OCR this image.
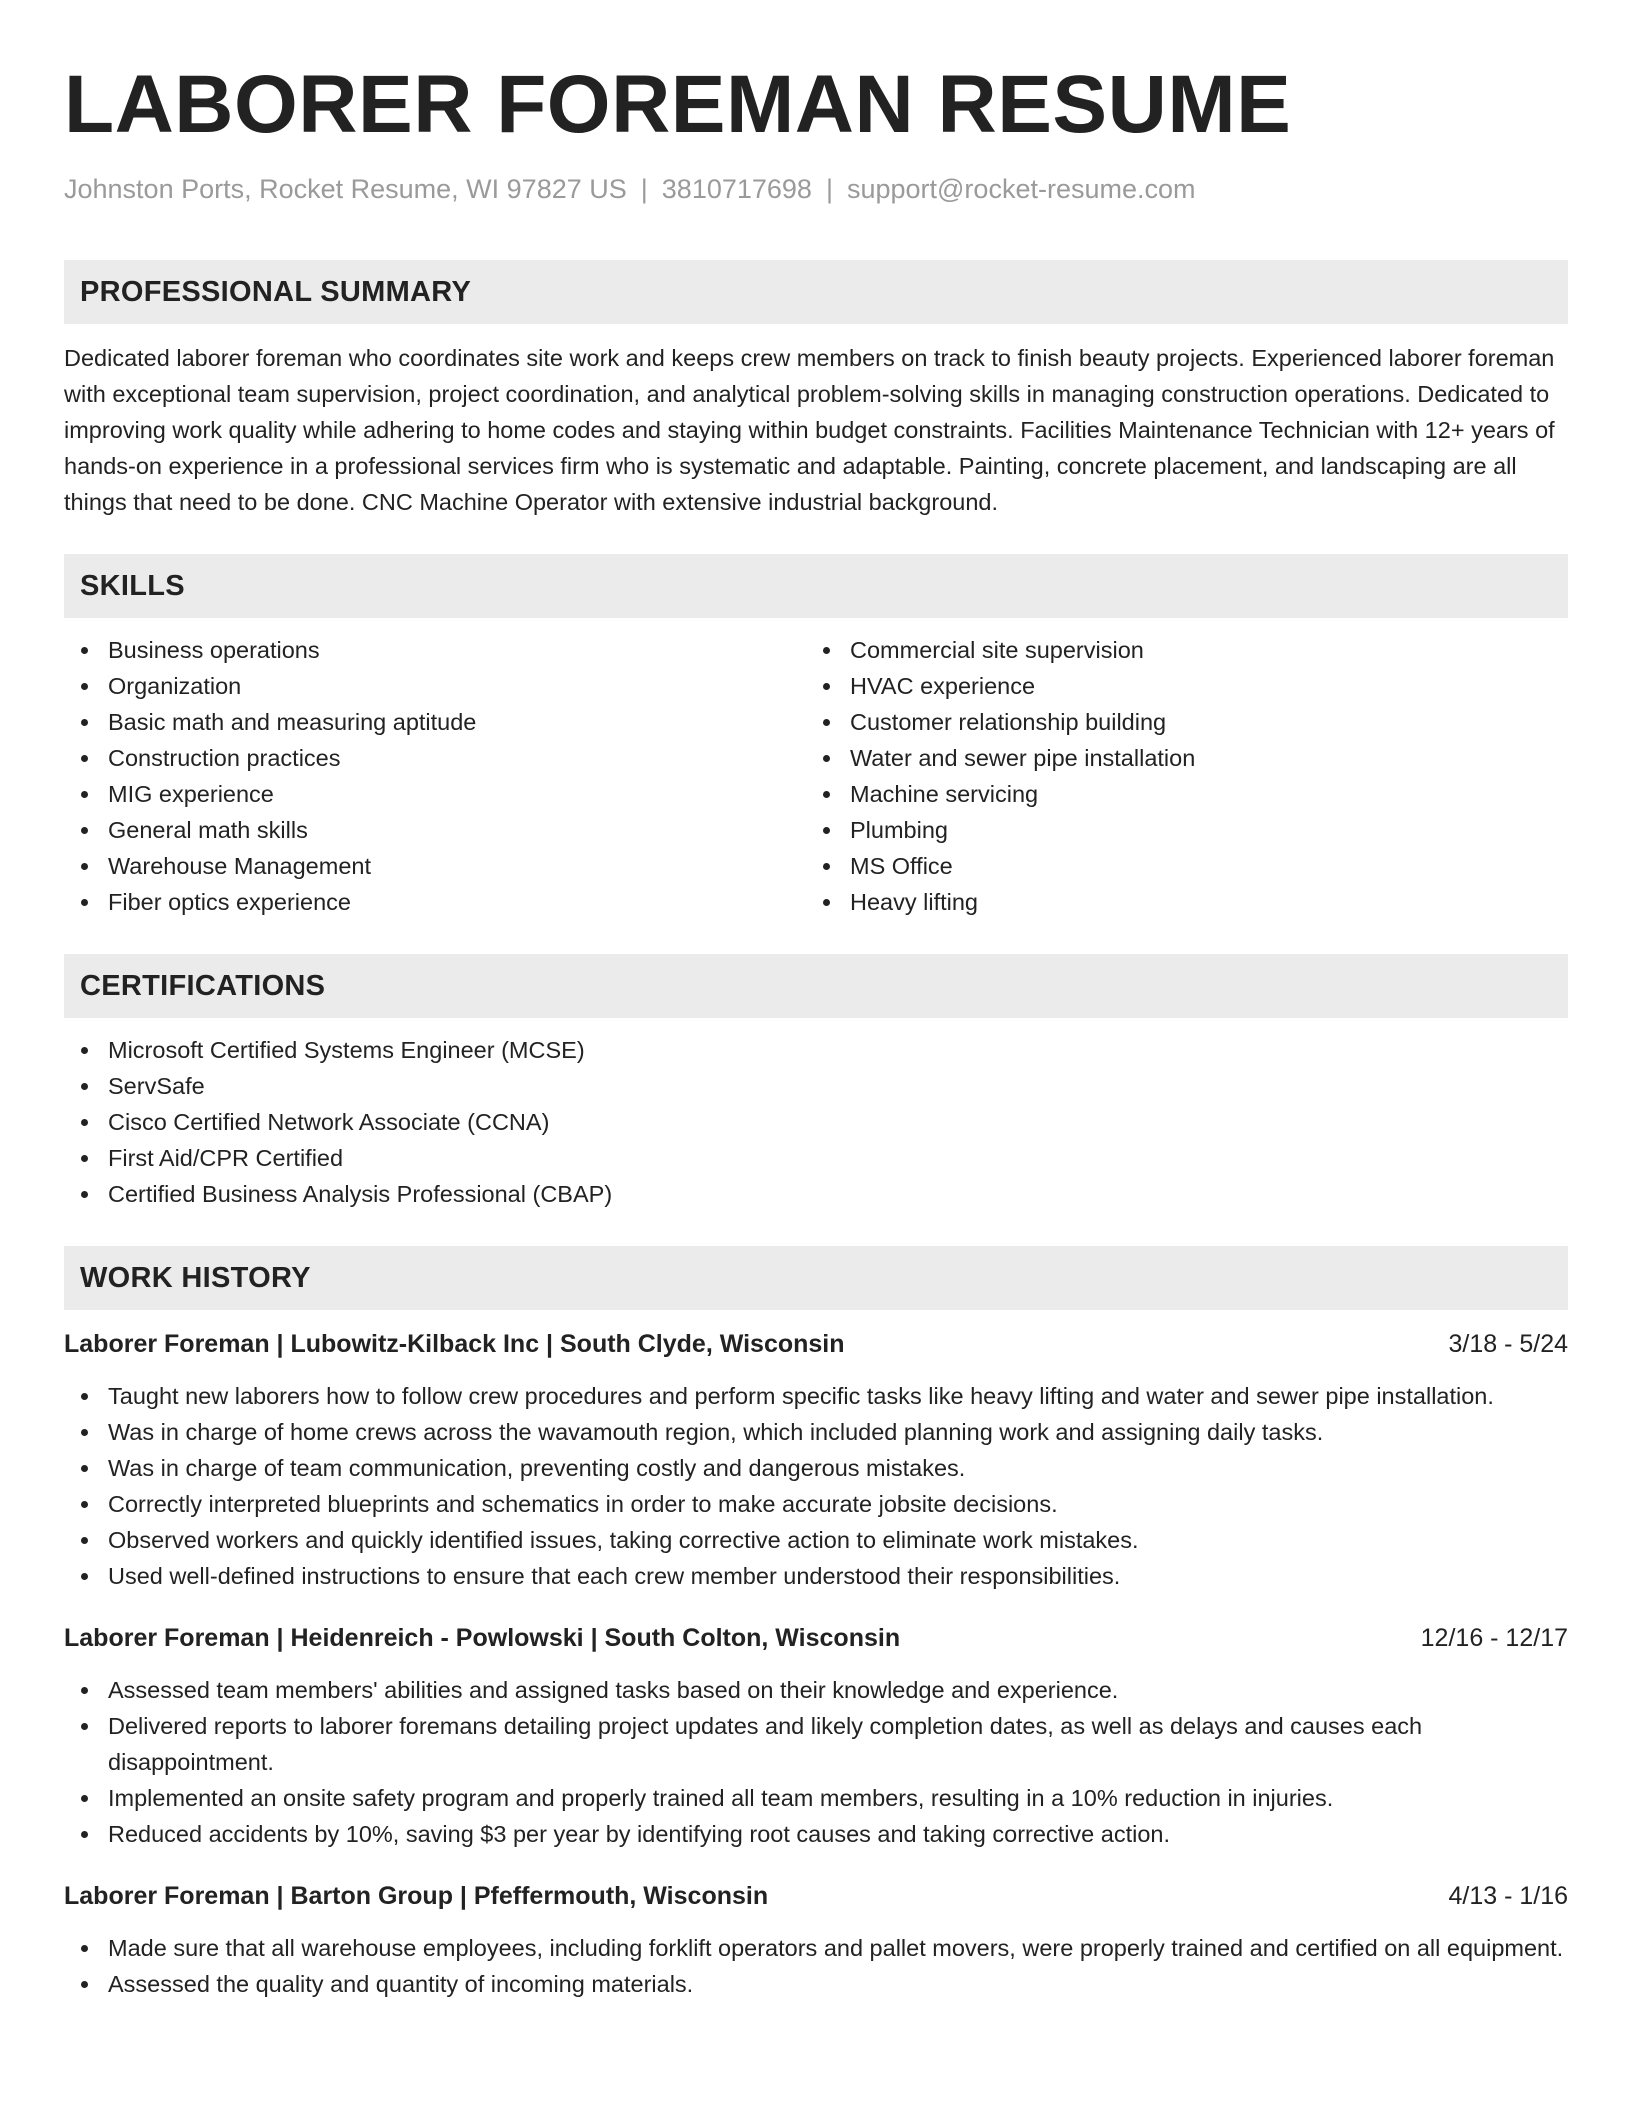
LABORER FOREMAN RESUME
Johnston Ports, Rocket Resume, WI 97827 US | 3810717698 | support@rocket-resume.com
PROFESSIONAL SUMMARY

Dedicated laborer foreman who coordinates site work and keeps crew members on track to finish beauty projects. Experienced laborer foreman with exceptional team supervision, project coordination, and analytical problem-solving skills in managing construction operations. Dedicated to improving work quality while adhering to home codes and staying within budget constraints. Facilities Maintenance Technician with 12+ years of hands-on experience in a professional services firm who is systematic and adaptable. Painting, concrete placement, and landscaping are all things that need to be done. CNC Machine Operator with extensive industrial background.

SKILLS
Business operations
Organization
Basic math and measuring aptitude
Construction practices
MIG experience
General math skills
Warehouse Management
Fiber optics experience
Commercial site supervision
HVAC experience
Customer relationship building
Water and sewer pipe installation
Machine servicing
Plumbing
MS Office
Heavy lifting
CERTIFICATIONS
Microsoft Certified Systems Engineer (MCSE)
ServSafe
Cisco Certified Network Associate (CCNA)
First Aid/CPR Certified
Certified Business Analysis Professional (CBAP)
WORK HISTORY
Laborer Foreman | Lubowitz-Kilback Inc | South Clyde, Wisconsin	3/18 - 5/24
Taught new laborers how to follow crew procedures and perform specific tasks like heavy lifting and water and sewer pipe installation.
Was in charge of home crews across the wavamouth region, which included planning work and assigning daily tasks.
Was in charge of team communication, preventing costly and dangerous mistakes.
Correctly interpreted blueprints and schematics in order to make accurate jobsite decisions.
Observed workers and quickly identified issues, taking corrective action to eliminate work mistakes.
Used well-defined instructions to ensure that each crew member understood their responsibilities.
Laborer Foreman | Heidenreich - Powlowski | South Colton, Wisconsin	12/16 - 12/17
Assessed team members' abilities and assigned tasks based on their knowledge and experience.
Delivered reports to laborer foremans detailing project updates and likely completion dates, as well as delays and causes each disappointment.
Implemented an onsite safety program and properly trained all team members, resulting in a 10% reduction in injuries.
Reduced accidents by 10%, saving $3 per year by identifying root causes and taking corrective action.
Laborer Foreman | Barton Group | Pfeffermouth, Wisconsin	4/13 - 1/16
Made sure that all warehouse employees, including forklift operators and pallet movers, were properly trained and certified on all equipment.
Assessed the quality and quantity of incoming materials.
